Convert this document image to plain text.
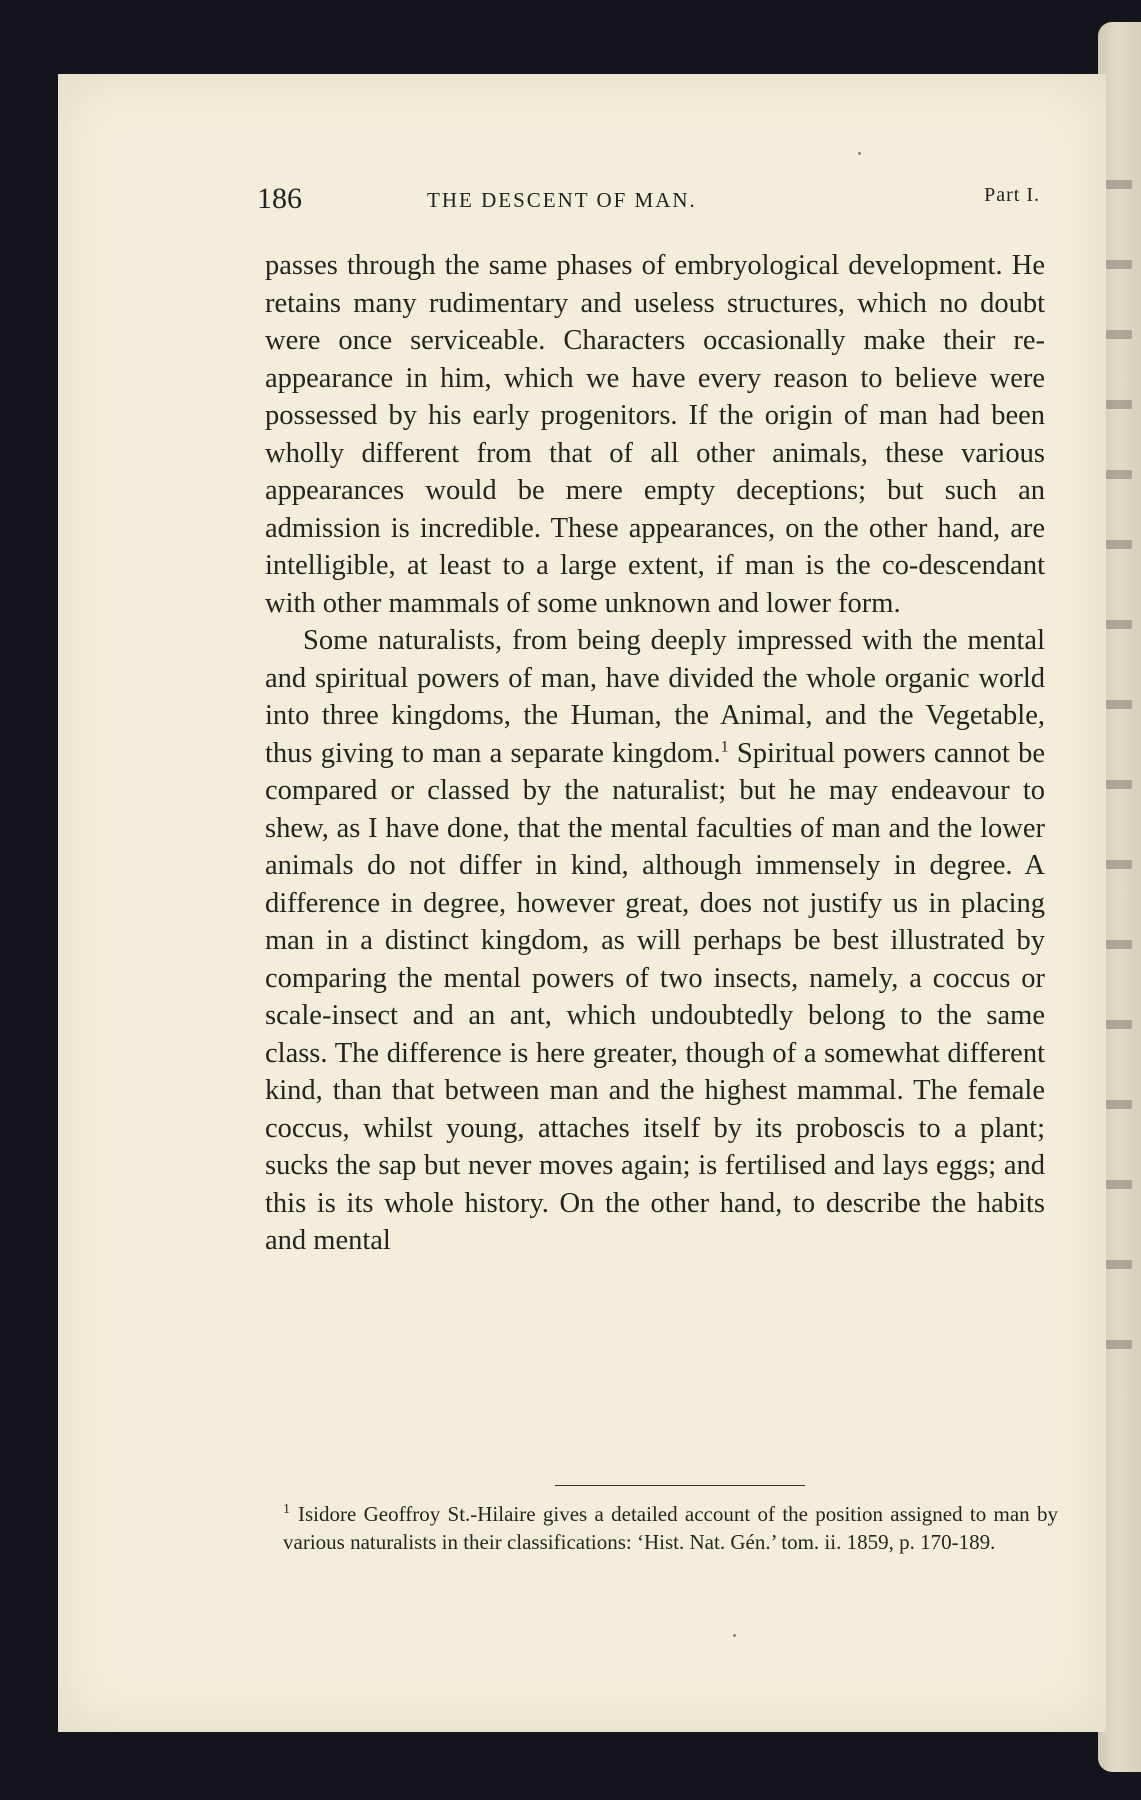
186	THE DESCENT OF MAN.	Part I.

passes through the same phases of embryological development. He retains many rudimentary and useless structures, which no doubt were once serviceable. Characters occasionally make their re-appearance in him, which we have every reason to believe were possessed by his early progenitors. If the origin of man had been wholly different from that of all other animals, these various appearances would be mere empty deceptions; but such an admission is incredible. These appearances, on the other hand, are intelligible, at least to a large extent, if man is the co-descendant with other mammals of some unknown and lower form.

Some naturalists, from being deeply impressed with the mental and spiritual powers of man, have divided the whole organic world into three kingdoms, the Human, the Animal, and the Vegetable, thus giving to man a separate kingdom.$^1$ Spiritual powers cannot be compared or classed by the naturalist; but he may endeavour to shew, as I have done, that the mental faculties of man and the lower animals do not differ in kind, although immensely in degree. A difference in degree, however great, does not justify us in placing man in a distinct kingdom, as will perhaps be best illustrated by comparing the mental powers of two insects, namely, a coccus or scale-insect and an ant, which undoubtedly belong to the same class. The difference is here greater, though of a somewhat different kind, than that between man and the highest mammal. The female coccus, whilst young, attaches itself by its proboscis to a plant; sucks the sap but never moves again; is fertilised and lays eggs; and this is its whole history. On the other hand, to describe the habits and mental

$^1$ Isidore Geoffroy St.-Hilaire gives a detailed account of the position assigned to man by various naturalists in their classifications: ‘Hist. Nat. Gén.’ tom. ii. 1859, p. 170-189.
